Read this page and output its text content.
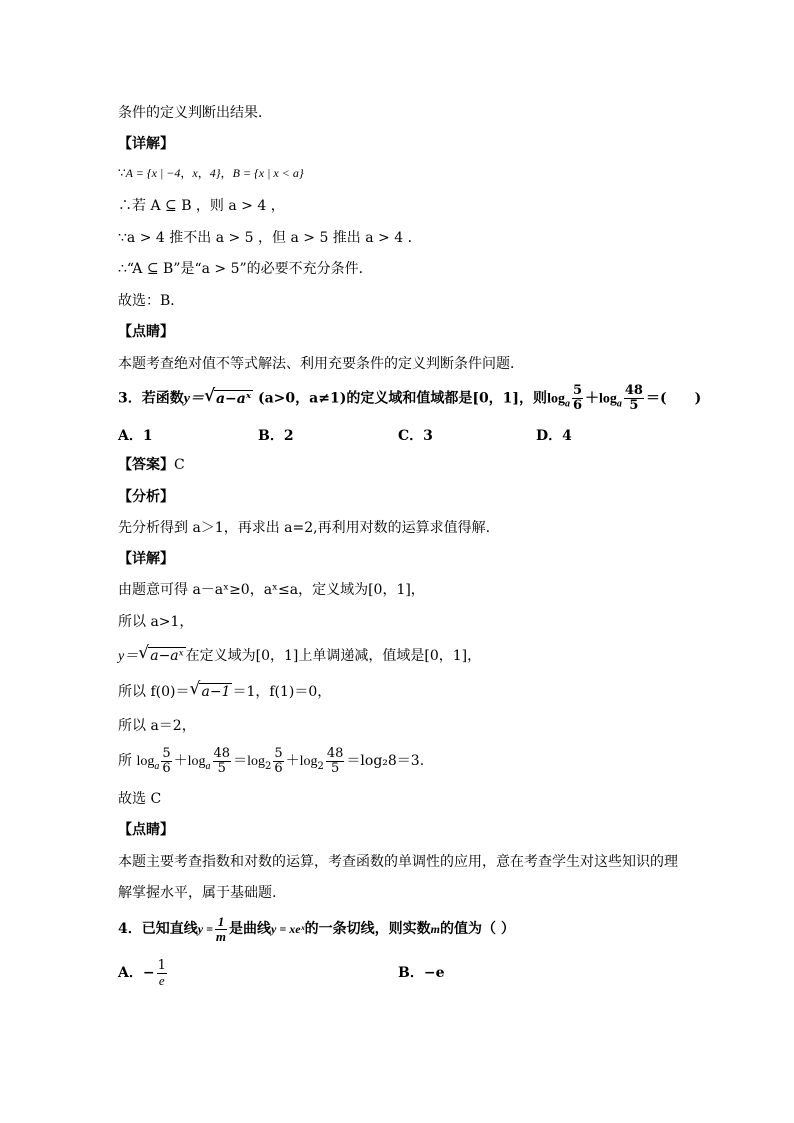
条件的定义判断出结果．
【详解】
∵A = {x | −4，x，4}，B = {x | x < a}
∴若 A ⊆ B ，则 a > 4 ，
∵a > 4 推不出 a > 5 ，但 a > 5 推出 a > 4 ．
∴“A ⊆ B”是“a > 5”的必要不充分条件．
故选：B．
【点睛】
本题考查绝对值不等式解法、利用充要条件的定义判断条件问题．
3．若函数y＝ √ a−aˣ (a>0，a≠1)的定义域和值域都是[0，1]，则$\log_a \frac{5}{6} +\log_a \frac{48}{5}$ ＝(　　)
A．1	B．2	C．3	D．4
【答案】C
【分析】
先分析得到 a＞1，再求出 a=2,再利用对数的运算求值得解.
【详解】
由题意可得 a－aˣ≥0，aˣ≤a，定义域为[0，1]，
所以 a>1，
y＝ √ a−aˣ 在定义域为[0，1]上单调递减，值域是[0，1]，
所以 f(0)＝ √ a−1 ＝1，f(1)＝0，
所以 a＝2，
所 $\log_a \frac{5}{6} +\log_a \frac{48}{5} =\log_2 \frac{5}{6} +\log_2 \frac{48}{5} =\log_28=3$.
故选 C
【点睛】
本题主要考查指数和对数的运算，考查函数的单调性的应用，意在考查学生对这些知识的理
解掌握水平，属于基础题.
4．已知直线$y = \frac{1}{m}$ 是曲线y = xeˣ的一条切线，则实数m的值为（ ）
A．− $\frac{1}{e}$	B．−e
